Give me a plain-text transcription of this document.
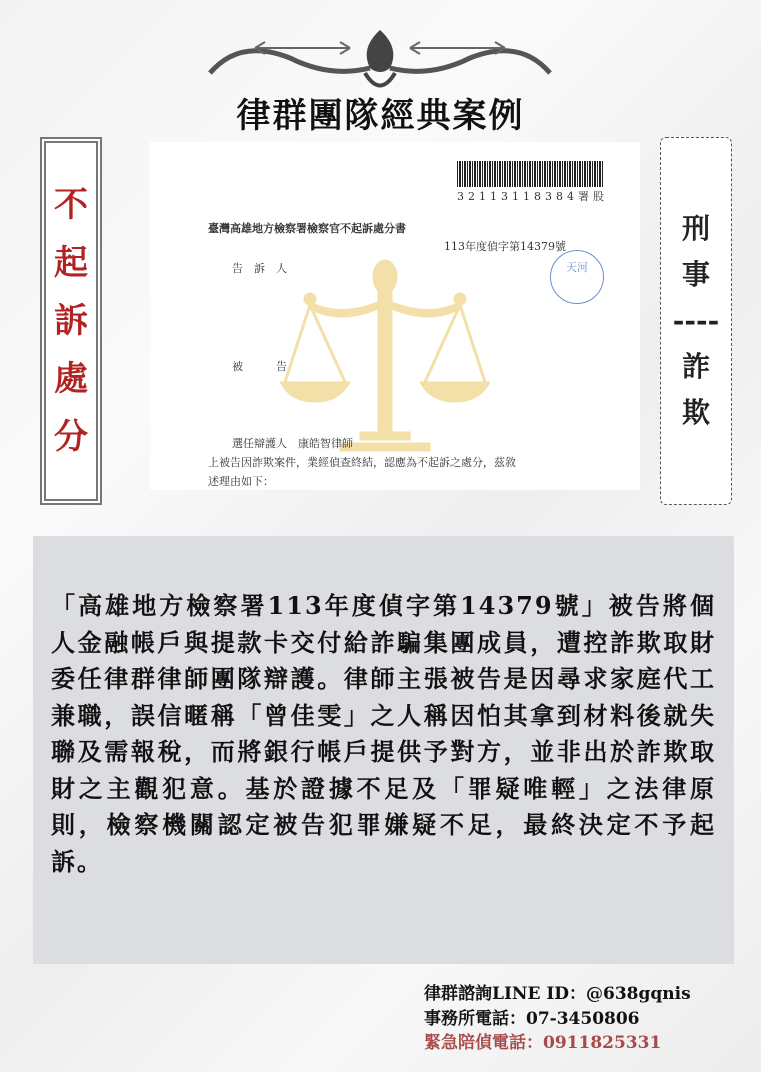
律群團隊經典案例
不
起
訴
處
分
32113118384署股
臺灣高雄地方檢察署檢察官不起訴處分書
113年度偵字第14379號
天河
告　訴　人
被　　　告
選任辯護人　康皓智律師
上被告因詐欺案件，業經偵查終結，認應為不起訴之處分，茲敘
述理由如下：
刑
事
----
詐
欺

「高雄地方檢察署113年度偵字第14379號」被告將個人金融帳戶與提款卡交付給詐騙集團成員，遭控詐欺取財委任律群律師團隊辯護。律師主張被告是因尋求家庭代工兼職，誤信暱稱「曾佳雯」之人稱因怕其拿到材料後就失聯及需報稅，而將銀行帳戶提供予對方，並非出於詐欺取財之主觀犯意。基於證據不足及「罪疑唯輕」之法律原則，檢察機關認定被告犯罪嫌疑不足，最終決定不予起訴。

律群諮詢LINE ID：@638gqnis
事務所電話：07-3450806
緊急陪偵電話：0911825331
